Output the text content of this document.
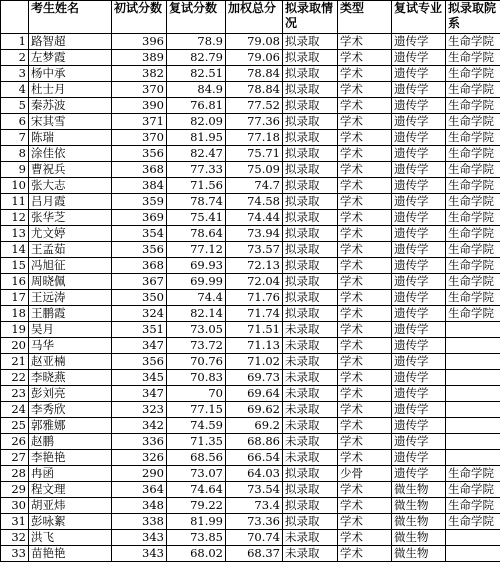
	考生姓名	初试分数	复试分数	加权总分	拟录取情况	类型	复试专业	拟录取院系
1	路智超	396	78.9	79.08	拟录取	学术	遗传学	生命学院
2	左梦霞	389	82.79	79.06	拟录取	学术	遗传学	生命学院
3	杨中承	382	82.51	78.84	拟录取	学术	遗传学	生命学院
4	杜士月	370	84.9	78.84	拟录取	学术	遗传学	生命学院
5	秦苏波	390	76.81	77.52	拟录取	学术	遗传学	生命学院
6	宋其雪	371	82.09	77.36	拟录取	学术	遗传学	生命学院
7	陈瑞	370	81.95	77.18	拟录取	学术	遗传学	生命学院
8	涂佳依	356	82.47	75.71	拟录取	学术	遗传学	生命学院
9	曹祝兵	368	77.33	75.09	拟录取	学术	遗传学	生命学院
10	张大志	384	71.56	74.7	拟录取	学术	遗传学	生命学院
11	吕月霞	359	78.74	74.58	拟录取	学术	遗传学	生命学院
12	张华芝	369	75.41	74.44	拟录取	学术	遗传学	生命学院
13	尤文婷	354	78.64	73.94	拟录取	学术	遗传学	生命学院
14	王孟茹	356	77.12	73.57	拟录取	学术	遗传学	生命学院
15	冯旭征	368	69.93	72.13	拟录取	学术	遗传学	生命学院
16	周晓佩	367	69.99	72.04	拟录取	学术	遗传学	生命学院
17	王远涛	350	74.4	71.76	拟录取	学术	遗传学	生命学院
18	王鹏霞	324	82.14	71.74	拟录取	学术	遗传学	生命学院
19	吴月	351	73.05	71.51	未录取	学术	遗传学	
20	马华	347	73.72	71.13	未录取	学术	遗传学	
21	赵亚楠	356	70.76	71.02	未录取	学术	遗传学	
22	李晓燕	345	70.83	69.73	未录取	学术	遗传学	
23	彭刘亮	347	70	69.64	未录取	学术	遗传学	
24	李秀欣	323	77.15	69.62	未录取	学术	遗传学	
25	郭雅娜	342	74.59	69.2	未录取	学术	遗传学	
26	赵鹏	336	71.35	68.86	未录取	学术	遗传学	
27	李艳艳	326	68.56	66.54	未录取	学术	遗传学	
28	冉函	290	73.07	64.03	拟录取	少骨	遗传学	生命学院
29	程文理	364	74.64	73.54	拟录取	学术	微生物	生命学院
30	胡亚炜	348	79.22	73.4	拟录取	学术	微生物	生命学院
31	彭咏絮	338	81.99	73.36	拟录取	学术	微生物	生命学院
32	洪飞	343	73.85	70.74	未录取	学术	微生物	
33	苗艳艳	343	68.02	68.37	未录取	学术	微生物	
